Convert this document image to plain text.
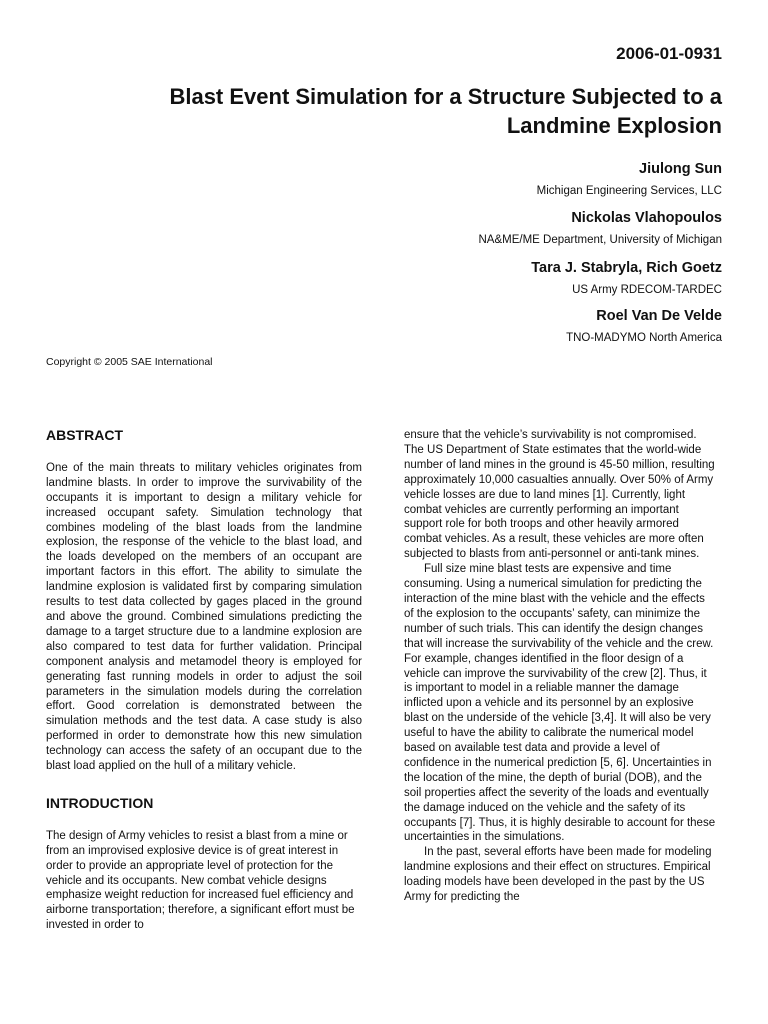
2006-01-0931
Blast Event Simulation for a Structure Subjected to a
Landmine Explosion
Jiulong Sun
Michigan Engineering Services, LLC
Nickolas Vlahopoulos
NA&ME/ME Department, University of Michigan
Tara J. Stabryla, Rich Goetz
US Army RDECOM-TARDEC
Roel Van De Velde
TNO-MADYMO North America
Copyright © 2005 SAE International
ABSTRACT

One of the main threats to military vehicles originates from landmine blasts. In order to improve the survivability of the occupants it is important to design a military vehicle for increased occupant safety. Simulation technology that combines modeling of the blast loads from the landmine explosion, the response of the vehicle to the blast load, and the loads developed on the members of an occupant are important factors in this effort. The ability to simulate the landmine explosion is validated first by comparing simulation results to test data collected by gages placed in the ground and above the ground. Combined simulations predicting the damage to a target structure due to a landmine explosion are also compared to test data for further validation. Principal component analysis and metamodel theory is employed for generating fast running models in order to adjust the soil parameters in the simulation models during the correlation effort. Good correlation is demonstrated between the simulation methods and the test data. A case study is also performed in order to demonstrate how this new simulation technology can access the safety of an occupant due to the blast load applied on the hull of a military vehicle.

INTRODUCTION

The design of Army vehicles to resist a blast from a mine or from an improvised explosive device is of great interest in order to provide an appropriate level of protection for the vehicle and its occupants. New combat vehicle designs emphasize weight reduction for increased fuel efficiency and airborne transportation; therefore, a significant effort must be invested in order to

ensure that the vehicle’s survivability is not compromised. The US Department of State estimates that the world-wide number of land mines in the ground is 45-50 million, resulting approximately 10,000 casualties annually. Over 50% of Army vehicle losses are due to land mines [1]. Currently, light combat vehicles are currently performing an important support role for both troops and other heavily armored combat vehicles. As a result, these vehicles are more often subjected to blasts from anti-personnel or anti-tank mines.

Full size mine blast tests are expensive and time consuming. Using a numerical simulation for predicting the interaction of the mine blast with the vehicle and the effects of the explosion to the occupants’ safety, can minimize the number of such trials. This can identify the design changes that will increase the survivability of the vehicle and the crew. For example, changes identified in the floor design of a vehicle can improve the survivability of the crew [2]. Thus, it is important to model in a reliable manner the damage inflicted upon a vehicle and its personnel by an explosive blast on the underside of the vehicle [3,4]. It will also be very useful to have the ability to calibrate the numerical model based on available test data and provide a level of confidence in the numerical prediction [5, 6]. Uncertainties in the location of the mine, the depth of burial (DOB), and the soil properties affect the severity of the loads and eventually the damage induced on the vehicle and the safety of its occupants [7]. Thus, it is highly desirable to account for these uncertainties in the simulations.

In the past, several efforts have been made for modeling landmine explosions and their effect on structures. Empirical loading models have been developed in the past by the US Army for predicting the
